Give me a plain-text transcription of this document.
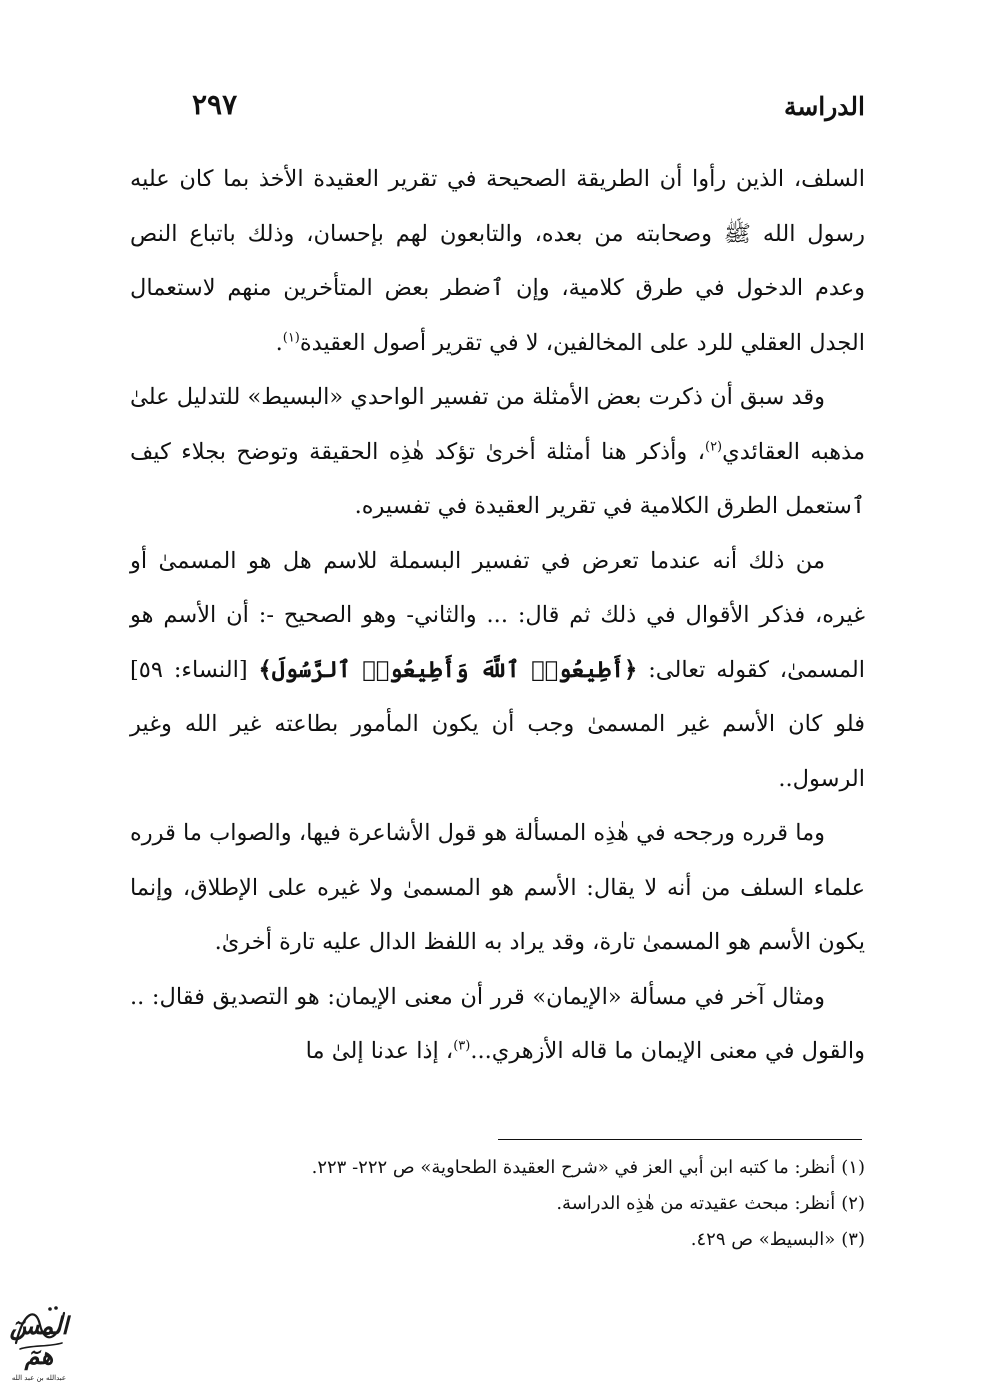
الدراسة
٢٩٧

السلف، الذين رأوا أن الطريقة الصحيحة في تقرير العقيدة الأخذ بما كان عليه رسول الله ﷺ وصحابته من بعده، والتابعون لهم بإحسان، وذلك باتباع النص وعدم الدخول في طرق كلامية، وإن ٱضطر بعض المتأخرين منهم لاستعمال الجدل العقلي للرد على المخالفين، لا في تقرير أصول العقيدة$^{(١)}$.

وقد سبق أن ذكرت بعض الأمثلة من تفسير الواحدي «البسيط» للتدليل علىٰ مذهبه العقائدي$^{(٢)}$، وأذكر هنا أمثلة أخرىٰ تؤكد هٰذِه الحقيقة وتوضح بجلاء كيف ٱستعمل الطرق الكلامية في تقرير العقيدة في تفسيره.

من ذلك أنه عندما تعرض في تفسير البسملة للاسم هل هو المسمىٰ أو غيره، فذكر الأقوال في ذلك ثم قال: ... والثاني- وهو الصحيح -: أن الأسم هو المسمىٰ، كقوله تعالى: ﴿أَطِيعُوا۟ ٱللَّهَ وَأَطِيعُوا۟ ٱلرَّسُولَ﴾ [النساء: ٥٩] فلو كان الأسم غير المسمىٰ وجب أن يكون المأمور بطاعته غير الله وغير الرسول..

وما قرره ورجحه في هٰذِه المسألة هو قول الأشاعرة فيها، والصواب ما قرره علماء السلف من أنه لا يقال: الأسم هو المسمىٰ ولا غيره على الإطلاق، وإنما يكون الأسم هو المسمىٰ تارة، وقد يراد به اللفظ الدال عليه تارة أخرىٰ.

ومثال آخر في مسألة «الإيمان» قرر أن معنى الإيمان: هو التصديق فقال: .. والقول في معنى الإيمان ما قاله الأزهري...$^{(٣)}$، إذا عدنا إلىٰ ما

(١)أنظر: ما كتبه ابن أبي العز في «شرح العقيدة الطحاوية» ص ٢٢٢- ٢٢٣.

(٢)أنظر: مبحث عقيدته من هٰذِه الدراسة.

(٣)«البسيط» ص ٤٢٩.

المسٓ همٓ
عبدالله بن عبد الله
